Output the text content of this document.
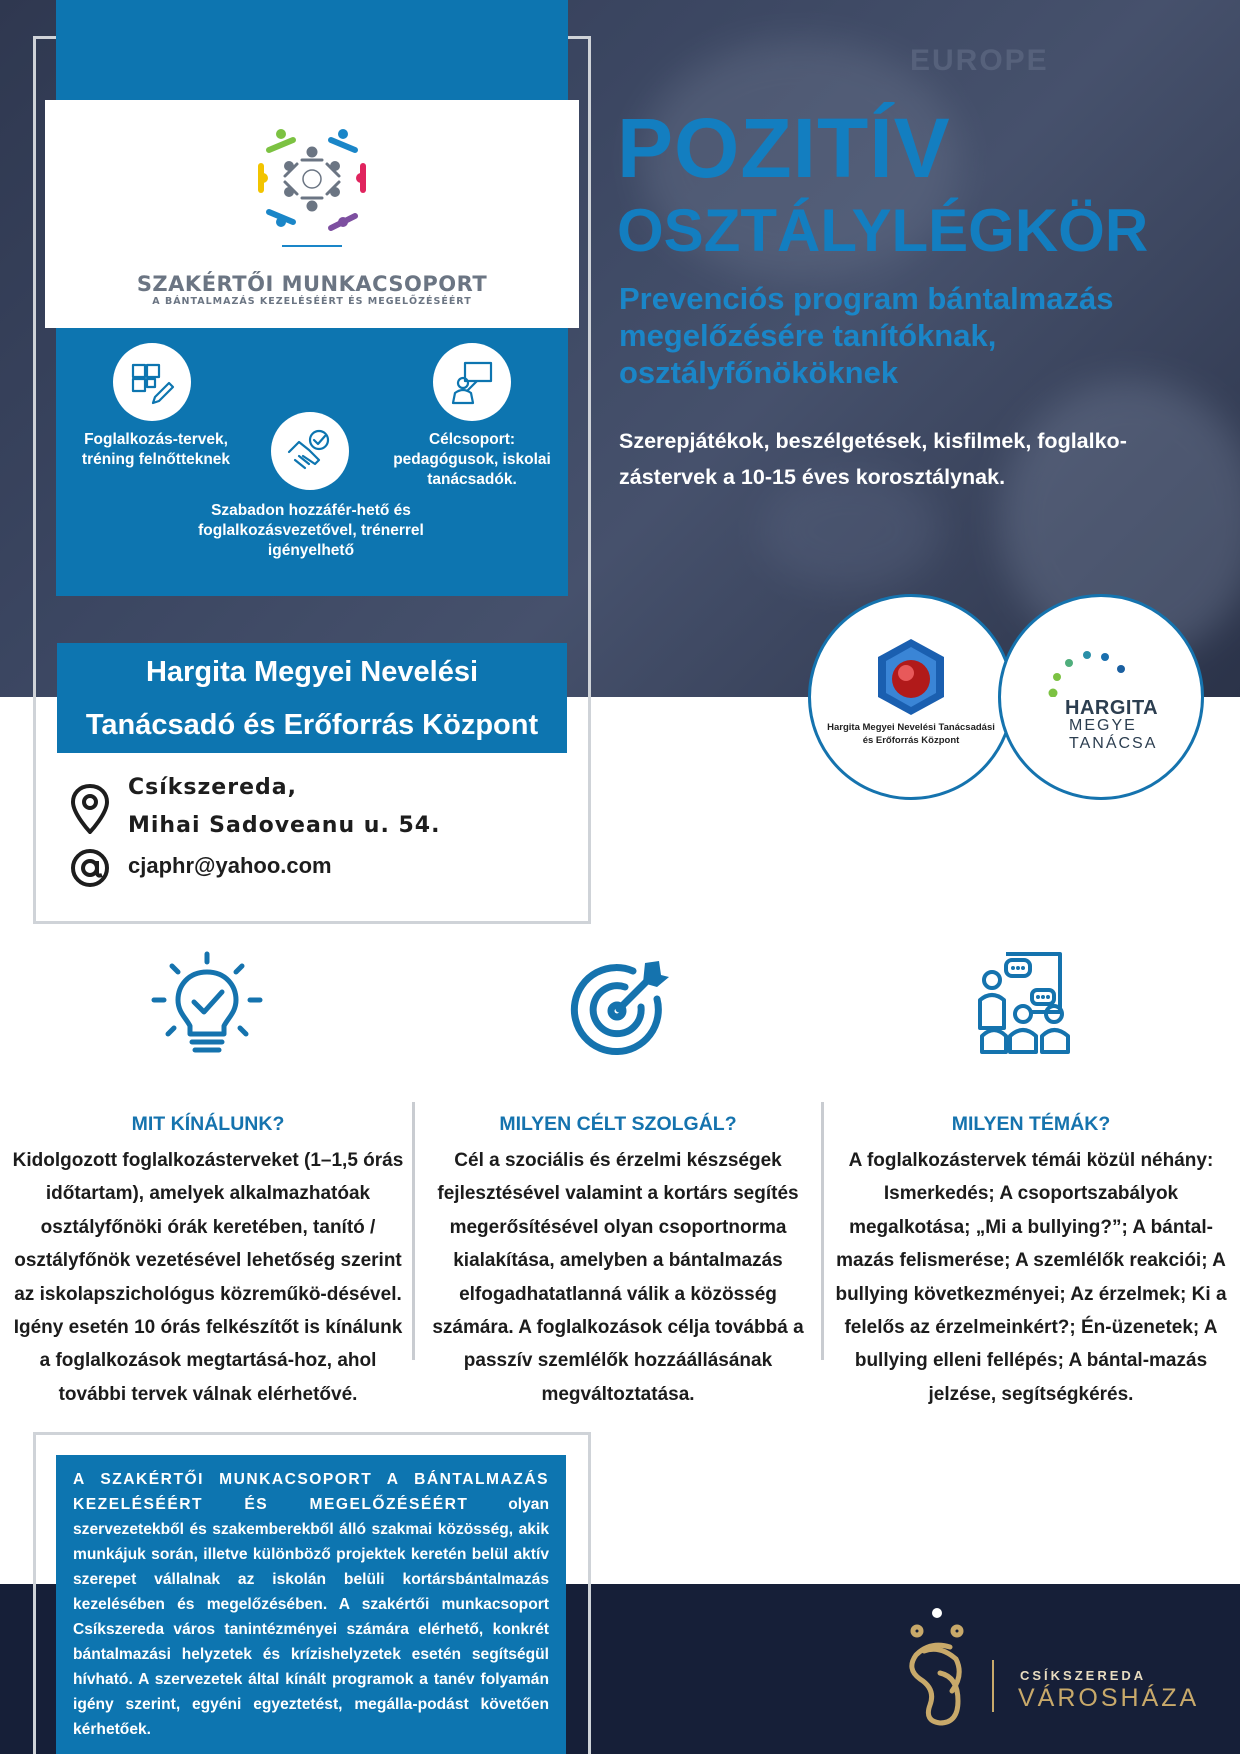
EUROPE
SZAKÉRTŐI MUNKACSOPORT
A BÁNTALMAZÁS KEZELÉSÉÉRT ÉS MEGELŐZÉSÉÉRT
Foglalkozás-tervek, tréning felnőtteknek
Szabadon hozzáfér-hető és foglalkozásvezetővel, trénerrel igényelhető
Célcsoport: pedagógusok, iskolai tanácsadók.
Hargita Megyei Nevelési
Tanácsadó és Erőforrás Központ
Csíkszereda,
Mihai Sadoveanu u. 54.
cjaphr@yahoo.com
POZITÍV
OSZTÁLYLÉGKÖR
Prevenciós program bántalmazás megelőzésére tanítóknak, osztályfőnököknek
Szerepjátékok, beszélgetések, kisfilmek, foglalko-zástervek a 10-15 éves korosztálynak.
Hargita Megyei Nevelési Tanácsadási
és Erőforrás Központ
HARGITA
MEGYE
TANÁCSA
MIT KÍNÁLUNK?
Kidolgozott foglalkozásterveket (1–1,5 órás időtartam), amelyek alkalmazhatóak osztályfőnöki órák keretében, tanító / osztályfőnök vezetésével lehetőség szerint az iskolapszichológus közreműkö-désével. Igény esetén 10 órás felkészítőt is kínálunk a foglalkozások megtartásá-hoz, ahol további tervek válnak elérhetővé.
MILYEN CÉLT SZOLGÁL?
Cél a szociális és érzelmi készségek fejlesztésével valamint a kortárs segítés megerősítésével olyan csoportnorma kialakítása, amelyben a bántalmazás elfogadhatatlanná válik a közösség számára. A foglalkozások célja továbbá a passzív szemlélők hozzáállásának megváltoztatása.
MILYEN TÉMÁK?
A foglalkozástervek témái közül néhány: Ismerkedés; A csoportszabályok megalkotása; „Mi a bullying?”; A bántal-mazás felismerése; A szemlélők reakciói; A bullying következményei; Az érzelmek; Ki a felelős az érzelmeinkért?; Én-üzenetek; A bullying elleni fellépés; A bántal-mazás jelzése, segítségkérés.
A SZAKÉRTŐI MUNKACSOPORT A BÁNTALMAZÁS KEZELÉSÉÉRT ÉS MEGELŐZÉSÉÉRT olyan szervezetekből és szakemberekből álló szakmai közösség, akik munkájuk során, illetve különböző projektek keretén belül aktív szerepet vállalnak az iskolán belüli kortársbántalmazás kezelésében és megelőzésében. A szakértői munkacsoport Csíkszereda város tanintézményei számára elérhető, konkrét bántalmazási helyzetek és krízishelyzetek esetén segítségül hívható. A szervezetek által kínált programok a tanév folyamán igény szerint, egyéni egyeztetést, megálla-podást követően kérhetőek.
CSÍKSZEREDA
VÁROSHÁZA
